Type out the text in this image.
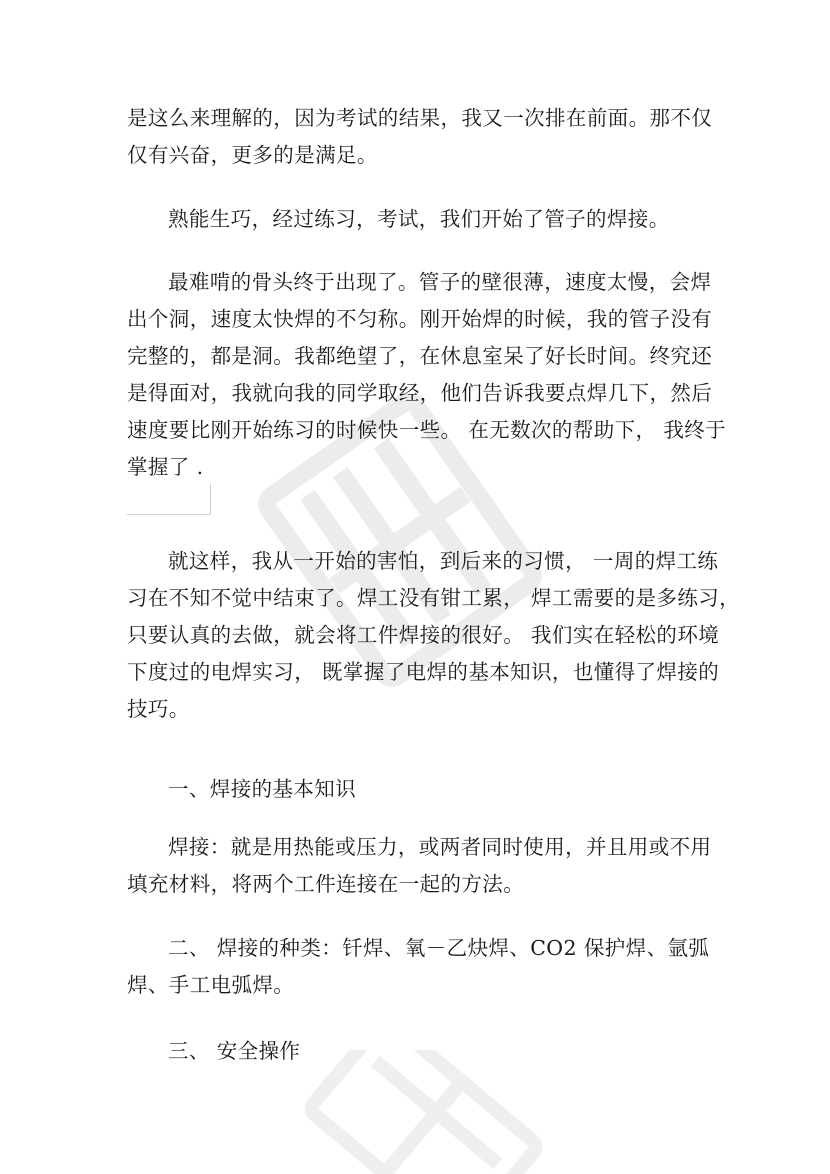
是这么来理解的，因为考试的结果，我又一次排在前面。那不仅
仅有兴奋，更多的是满足。

熟能生巧，经过练习，考试，我们开始了管子的焊接。

最难啃的骨头终于出现了。管子的壁很薄，速度太慢，会焊
出个洞，速度太快焊的不匀称。刚开始焊的时候，我的管子没有
完整的，都是洞。我都绝望了，在休息室呆了好长时间。终究还
是得面对，我就向我的同学取经，他们告诉我要点焊几下，然后
速度要比刚开始练习的时候快一些。 在无数次的帮助下， 我终于
掌握了 .

就这样，我从一开始的害怕，到后来的习惯， 一周的焊工练
习在不知不觉中结束了。焊工没有钳工累， 焊工需要的是多练习，
只要认真的去做，就会将工件焊接的很好。 我们实在轻松的环境
下度过的电焊实习， 既掌握了电焊的基本知识，也懂得了焊接的
技巧。

一、焊接的基本知识

焊接：就是用热能或压力，或两者同时使用，并且用或不用
填充材料，将两个工件连接在一起的方法。

二、 焊接的种类：钎焊、氧－乙炔焊、CO2 保护焊、氩弧
焊、手工电弧焊。

三、 安全操作
